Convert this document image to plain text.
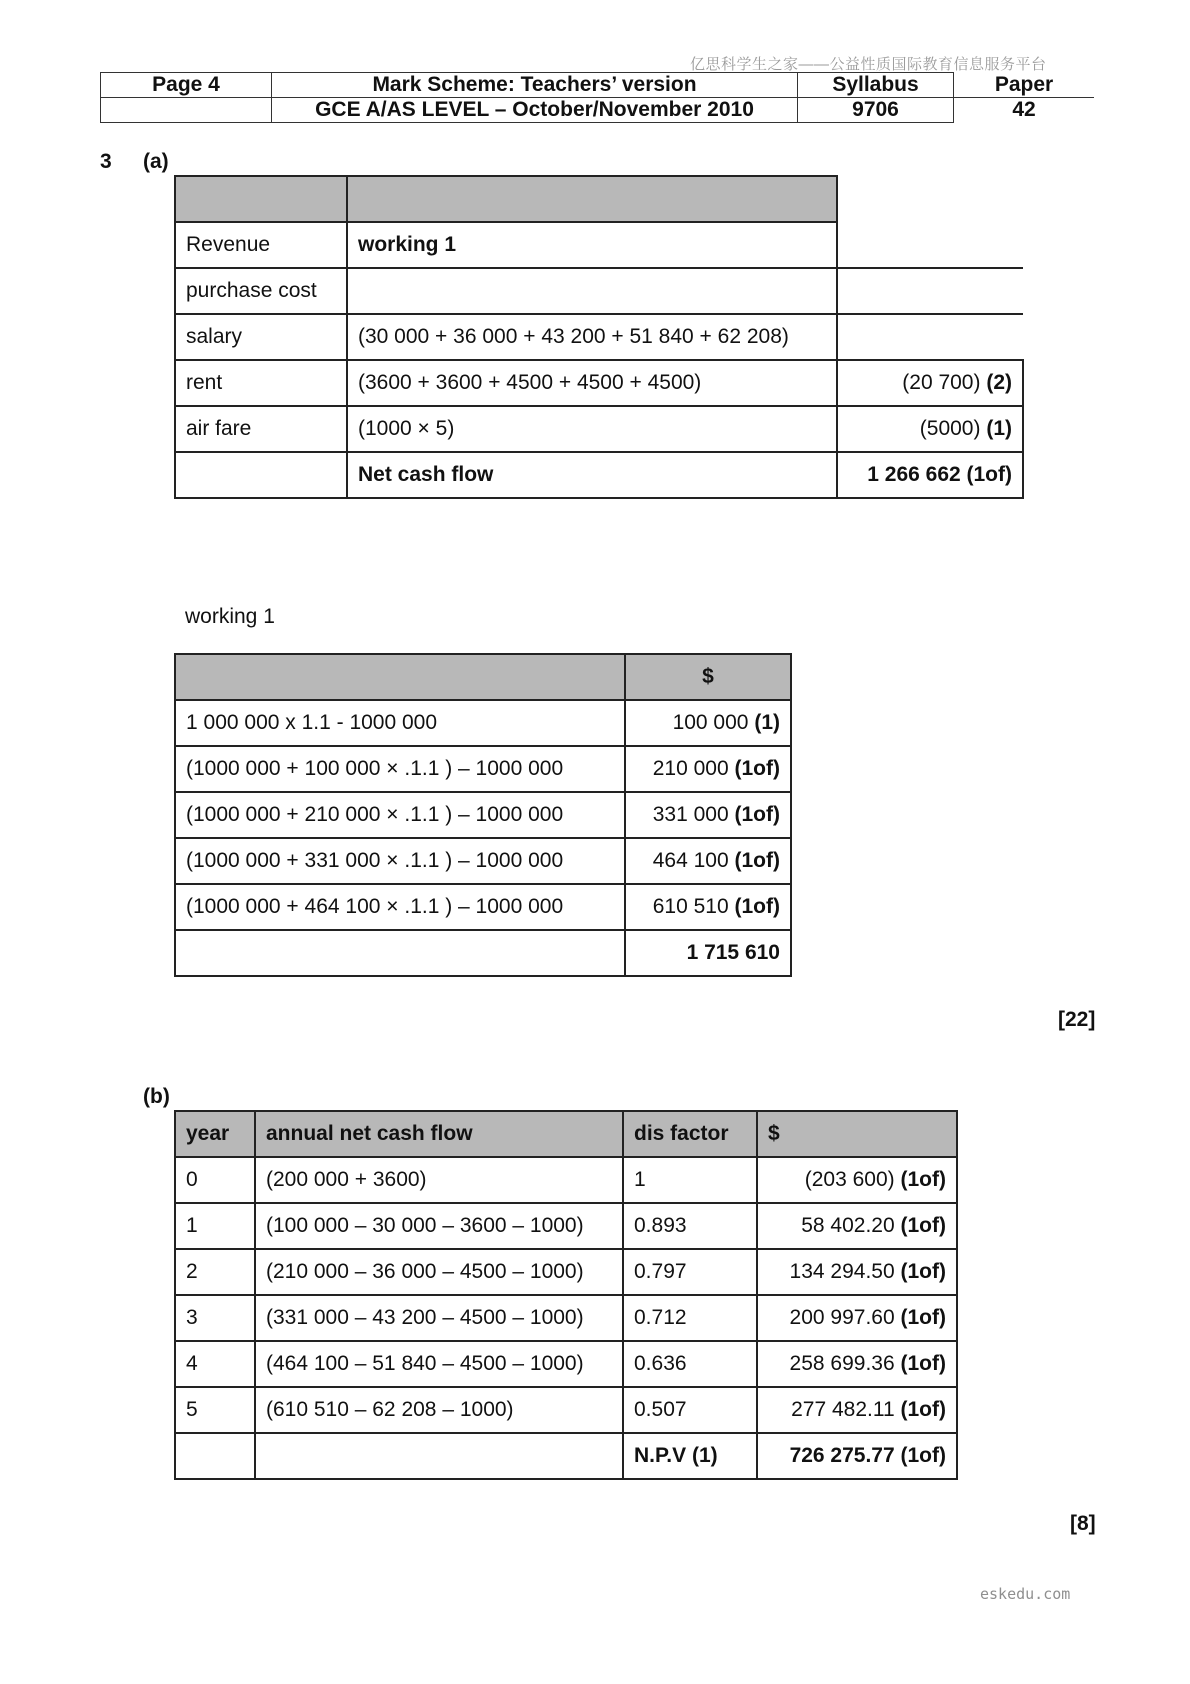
亿思科学生之家——公益性质国际教育信息服务平台
Page 4	Mark Scheme: Teachers’ version	Syllabus	Paper
	GCE A/AS LEVEL – October/November 2010	9706	42
3 (a)

Revenue	working 1	
purchase cost		
salary	(30 000 + 36 000 + 43 200 + 51 840 + 62 208)	
rent	(3600 + 3600 + 4500 + 4500 + 4500)	(20 700) (2)
air fare	(1000 × 5)	(5000) (1)
	Net cash flow	1 266 662 (1of)
working 1
	$
1 000 000 x 1.1 - 1000 000	100 000 (1)
(1000 000 + 100 000 × .1.1 ) – 1000 000	210 000 (1of)
(1000 000 + 210 000 × .1.1 ) – 1000 000	331 000 (1of)
(1000 000 + 331 000 × .1.1 ) – 1000 000	464 100 (1of)
(1000 000 + 464 100 × .1.1 ) – 1000 000	610 510 (1of)
	1 715 610
[22]
(b)
year	annual net cash flow	dis factor	$
0	(200 000 + 3600)	1	(203 600) (1of)
1	(100 000 – 30 000 – 3600 – 1000)	0.893	58 402.20 (1of)
2	(210 000 – 36 000 – 4500 – 1000)	0.797	134 294.50 (1of)
3	(331 000 – 43 200 – 4500 – 1000)	0.712	200 997.60 (1of)
4	(464 100 – 51 840 – 4500 – 1000)	0.636	258 699.36 (1of)
5	(610 510 – 62 208 – 1000)	0.507	277 482.11 (1of)
		N.P.V (1)	726 275.77 (1of)
[8]
eskedu.com
